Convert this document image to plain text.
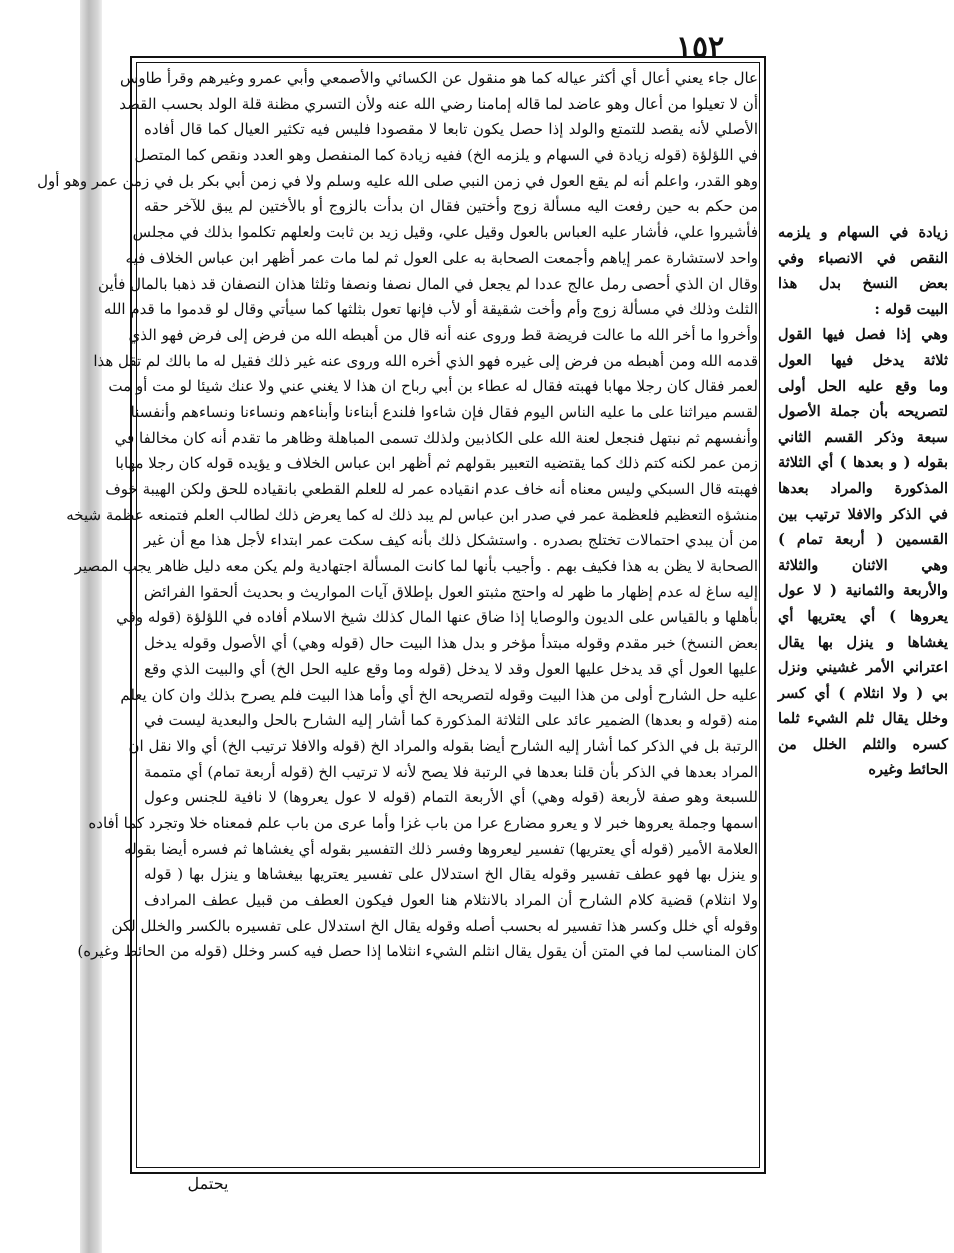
١٥٢
عال جاء يعني أعال أي أكثر عياله كما هو منقول عن الكسائي والأصمعي وأبي عمرو وغيرهم وقرأ طاوس
أن لا تعيلوا من أعال وهو عاضد لما قاله إمامنا رضي الله عنه ولأن التسري مظنة قلة الولد بحسب القصد
الأصلي لأنه يقصد للتمتع والولد إذا حصل يكون تابعا لا مقصودا فليس فيه تكثير العيال كما قال أفاده
في اللؤلؤة (قوله زيادة في السهام و يلزمه الخ) ففيه زيادة كما المنفصل وهو العدد ونقص كما المتصل
وهو القدر، واعلم أنه لم يقع العول في زمن النبي صلى الله عليه وسلم ولا في زمن أبي بكر بل في زمن عمر وهو أول
من حكم به حين رفعت اليه مسألة زوج وأختين فقال ان بدأت بالزوج أو بالأختين لم يبق للآخر حقه
فأشيروا علي، فأشار عليه العباس بالعول وقيل علي، وقيل زيد بن ثابت ولعلهم تكلموا بذلك في مجلس
واحد لاستشارة عمر إياهم وأجمعت الصحابة به على العول ثم لما مات عمر أظهر ابن عباس الخلاف فيه
وقال ان الذي أحصى رمل عالج عددا لم يجعل في المال نصفا ونصفا وثلثا هذان النصفان قد ذهبا بالمال فأين
الثلث وذلك في مسألة زوج وأم وأخت شقيقة أو لأب فإنها تعول بثلثها كما سيأتي وقال لو قدموا ما قدم الله
وأخروا ما أخر الله ما عالت فريضة قط وروى عنه أنه قال من أهبطه الله من فرض إلى فرض فهو الذي
قدمه الله ومن أهبطه من فرض إلى غيره فهو الذي أخره الله وروى عنه غير ذلك فقيل له ما بالك لم تقل هذا
لعمر فقال كان رجلا مهابا فهبته فقال له عطاء بن أبي رباح ان هذا لا يغني عني ولا عنك شيئا لو مت أو مت
لقسم ميراثنا على ما عليه الناس اليوم فقال فإن شاءوا فلندع أبناءنا وأبناءهم ونساءنا ونساءهم وأنفسنا
وأنفسهم ثم نبتهل فنجعل لعنة الله على الكاذبين ولذلك تسمى المباهلة وظاهر ما تقدم أنه كان مخالفا في
زمن عمر لكنه كتم ذلك كما يقتضيه التعبير بقولهم ثم أظهر ابن عباس الخلاف و يؤيده قوله كان رجلا مهابا
فهبته قال السبكي وليس معناه أنه خاف عدم انقياده عمر له للعلم القطعي بانقياده للحق ولكن الهيبة خوف
منشؤه التعظيم فلعظمة عمر في صدر ابن عباس لم يبد ذلك له كما يعرض ذلك لطالب العلم فتمنعه عظمة شيخه
من أن يبدي احتمالات تختلج بصدره . واستشكل ذلك بأنه كيف سكت عمر ابتداء لأجل هذا مع أن غير
الصحابة لا يظن به هذا فكيف بهم . وأجيب بأنها لما كانت المسألة اجتهادية ولم يكن معه دليل ظاهر يجب المصير
إليه ساغ له عدم إظهار ما ظهر له واحتج مثبتو العول بإطلاق آيات المواريث و بحديث ألحقوا الفرائض
بأهلها و بالقياس على الديون والوصايا إذا ضاق عنها المال كذلك شيخ الاسلام أفاده في اللؤلؤة (قوله وفي
بعض النسخ) خبر مقدم وقوله مبتدأ مؤخر و بدل هذا البيت حال (قوله وهي) أي الأصول وقوله يدخل
عليها العول أي قد يدخل عليها العول وقد لا يدخل (قوله وما وقع عليه الحل الخ) أي والبيت الذي وقع
عليه حل الشارح أولى من هذا البيت وقوله لتصريحه الخ أي وأما هذا البيت فلم يصرح بذلك وان كان يعلم
منه (قوله و بعدها) الضمير عائد على الثلاثة المذكورة كما أشار إليه الشارح بالحل والبعدية ليست في
الرتبة بل في الذكر كما أشار إليه الشارح أيضا بقوله والمراد الخ (قوله والافلا ترتيب الخ) أي والا نقل ان
المراد بعدها في الذكر بأن قلنا بعدها في الرتبة فلا يصح لأنه لا ترتيب الخ (قوله أربعة تمام) أي متممة
للسبعة وهو صفة لأربعة (قوله وهي) أي الأربعة التمام (قوله لا عول يعروها) لا نافية للجنس وعول
اسمها وجملة يعروها خبر لا و يعرو مضارع عرا من باب غزا وأما عرى من باب علم فمعناه خلا وتجرد كما أفاده
العلامة الأمير (قوله أي يعتريها) تفسير ليعروها وفسر ذلك التفسير بقوله أي يغشاها ثم فسره أيضا بقوله
و ينزل بها فهو عطف تفسير وقوله يقال الخ استدلال على تفسير يعتريها بيغشاها و ينزل بها ( قوله
ولا انثلام) قضية كلام الشارح أن المراد بالانثلام هنا العول فيكون العطف من قبيل عطف المرادف
وقوله أي خلل وكسر هذا تفسير له بحسب أصله وقوله يقال الخ استدلال على تفسيره بالكسر والخلل لكن
كان المناسب لما في المتن أن يقول يقال انثلم الشيء انثلاما إذا حصل فيه كسر وخلل (قوله من الحائط وغيره)
زيادة في السهام و يلزمه
النقص في الانصباء وفي
بعض النسخ بدل هذا
البيت قوله :
وهي إذا فصل فيها القول
ثلاثة يدخل فيها العول
وما وقع عليه الحل أولى
لتصريحه بأن جملة الأصول
سبعة وذكر القسم الثاني
بقوله ( و بعدها ) أي الثلاثة
المذكورة والمراد بعدها
في الذكر والافلا ترتيب بين
القسمين ( أربعة تمام )
وهي الاثنان والثلاثة
والأربعة والثمانية ( لا عول
يعروها ) أي يعتريها أي
يغشاها و ينزل بها يقال
اعتراني الأمر غشيني ونزل
بي ( ولا انثلام ) أي كسر
وخلل يقال ثلم الشيء ثلما
كسره والثلم الخلل من
الحائط وغيره
يحتمل
